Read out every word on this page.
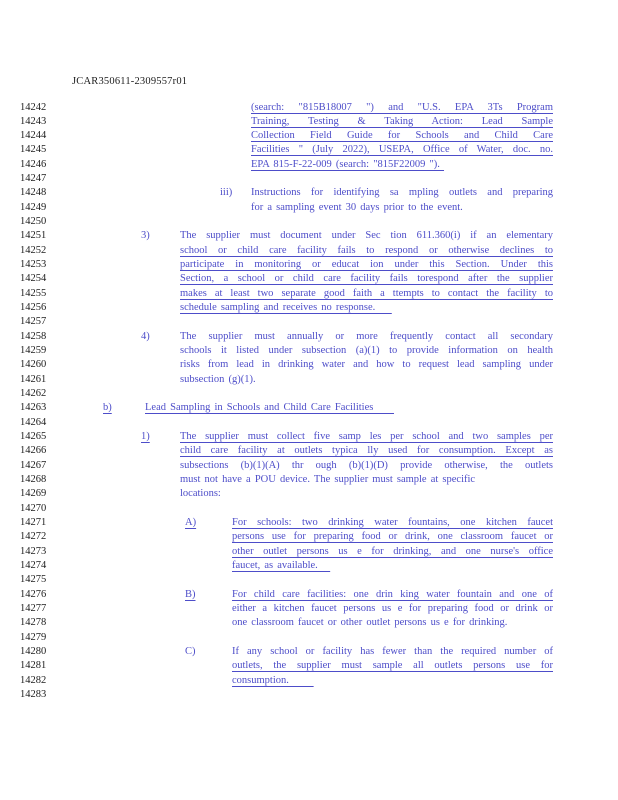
JCAR350611-2309557r01
14242	(search: "815B18007 ") and "U.S. EPA 3Ts Program
14243	Training, Testing & Taking Action: Lead Sample
14244	Collection Field Guide for Schools and Child Care
14245	Facilities " (July 2022), USEPA, Office of Water, doc. no.
14246	EPA 815-F-22-009 (search: "815F22009 ").
14247
14248	iii)	Instructions for identifying sa mpling outlets and preparing
14249	for a sampling event 30 days prior to the event.
14250
14251	3)	The supplier must document under Sec tion 611.360(i) if an elementary
14252	school or child care facility fails to respond or otherwise declines to
14253	participate in monitoring or educat ion under this Section. Under this
14254	Section, a school or child care facility fails torespond after the supplier
14255	makes at least two separate good faith a ttempts to contact the facility to
14256	schedule sampling and receives no response.
14257
14258	4)	The supplier must annually or more frequently contact all secondary
14259	schools it listed under subsection (a)(1) to provide information on health
14260	risks from lead in drinking water and how to request lead sampling under
14261	subsection (g)(1).
14262
14263	b)	Lead Sampling in Schools and Child Care Facilities
14264
14265	1)	The supplier must collect five samp les per school and two samples per
14266	child care facility at outlets typica lly used for consumption. Except as
14267	subsections (b)(1)(A) thr ough (b)(1)(D) provide otherwise, the outlets
14268	must not have a POU device. The supplier must sample at specific
14269	locations:
14270
14271	A)	For schools: two drinking water fountains, one kitchen faucet
14272	persons use for preparing food or drink, one classroom faucet or
14273	other outlet persons us e for drinking, and one nurse's office
14274	faucet, as available.
14275
14276	B)	For child care facilities: one drin king water fountain and one of
14277	either a kitchen faucet persons us e for preparing food or drink or
14278	one classroom faucet or other outlet persons us e for drinking.
14279
14280	C)	If any school or facility has fewer than the required number of
14281	outlets, the supplier must sample all outlets persons use for
14282	consumption.
14283
